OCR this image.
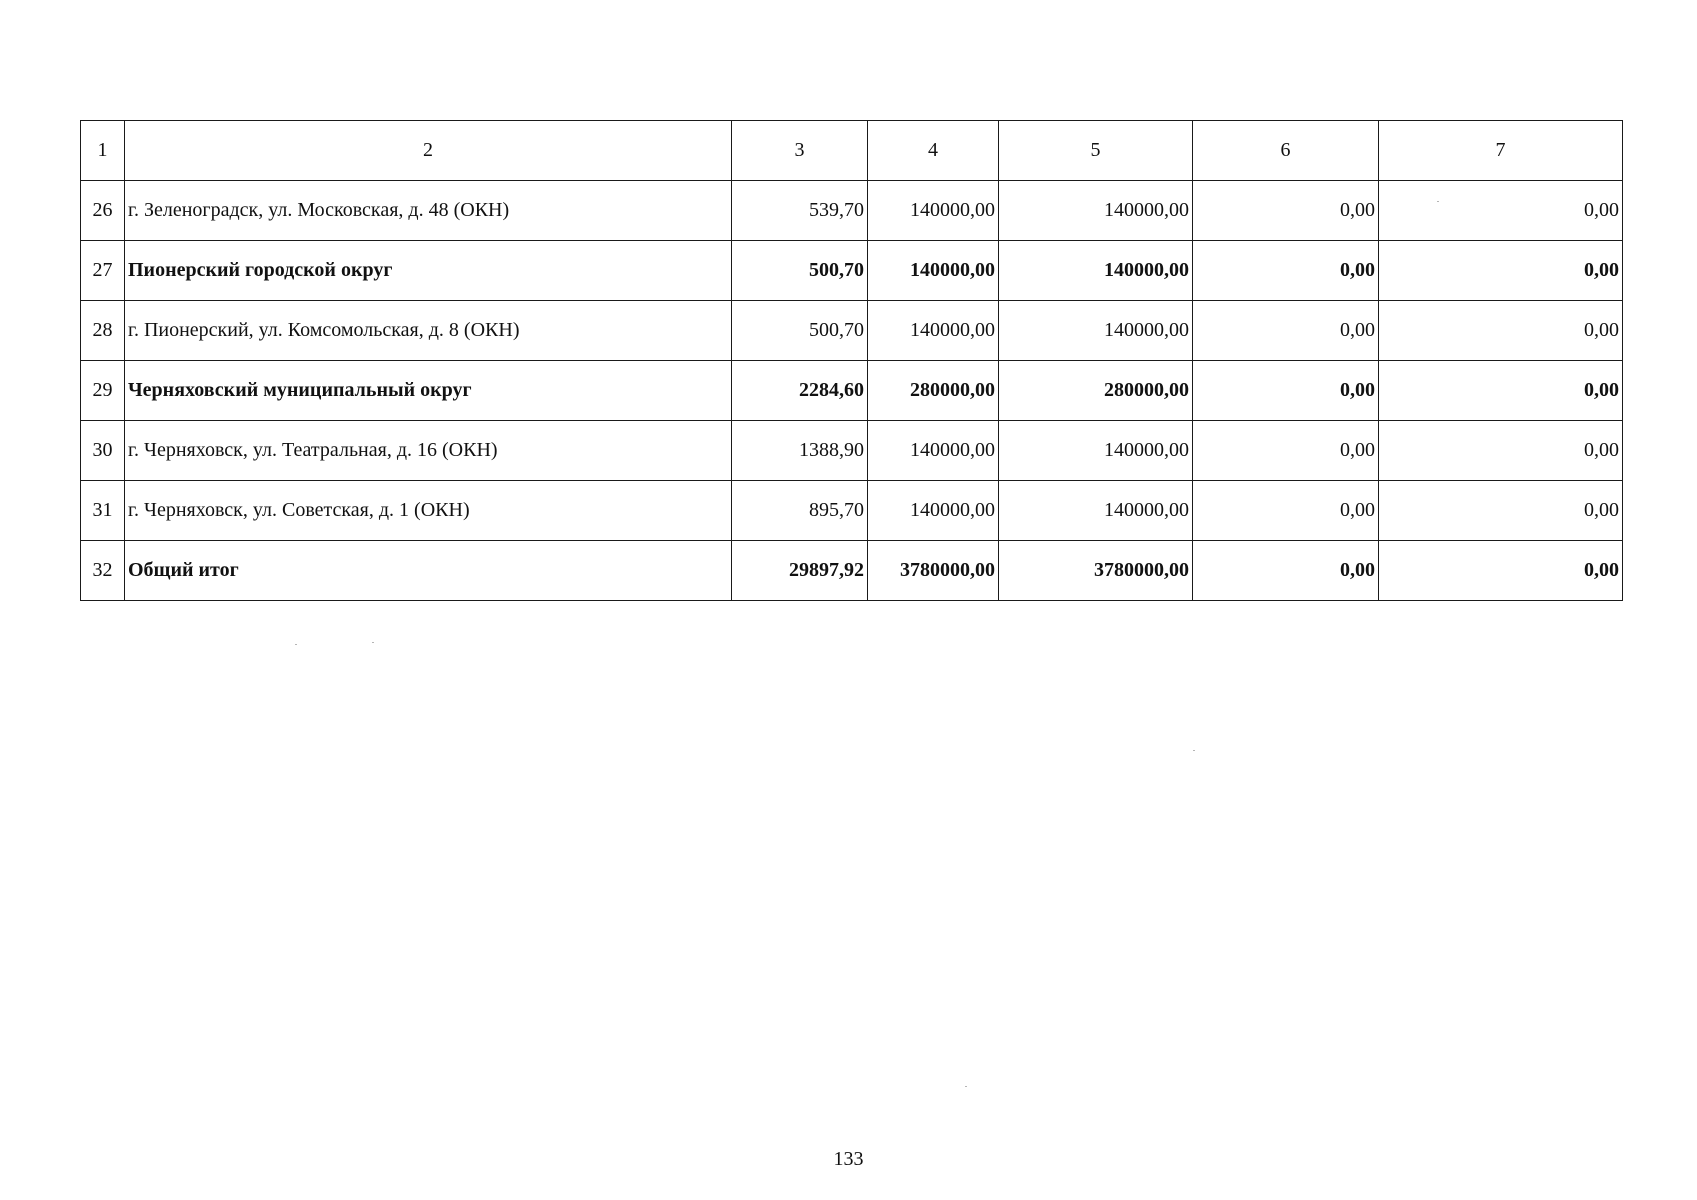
1	2	3	4	5	6	7
26	г. Зеленоградск, ул. Московская, д. 48 (ОКН)	539,70	140000,00	140000,00	0,00	0,00
27	Пионерский городской округ	500,70	140000,00	140000,00	0,00	0,00
28	г. Пионерский, ул. Комсомольская, д. 8 (ОКН)	500,70	140000,00	140000,00	0,00	0,00
29	Черняховский муниципальный округ	2284,60	280000,00	280000,00	0,00	0,00
30	г. Черняховск, ул. Театральная, д. 16 (ОКН)	1388,90	140000,00	140000,00	0,00	0,00
31	г. Черняховск, ул. Советская, д. 1 (ОКН)	895,70	140000,00	140000,00	0,00	0,00
32	Общий итог	29897,92	3780000,00	3780000,00	0,00	0,00
133
